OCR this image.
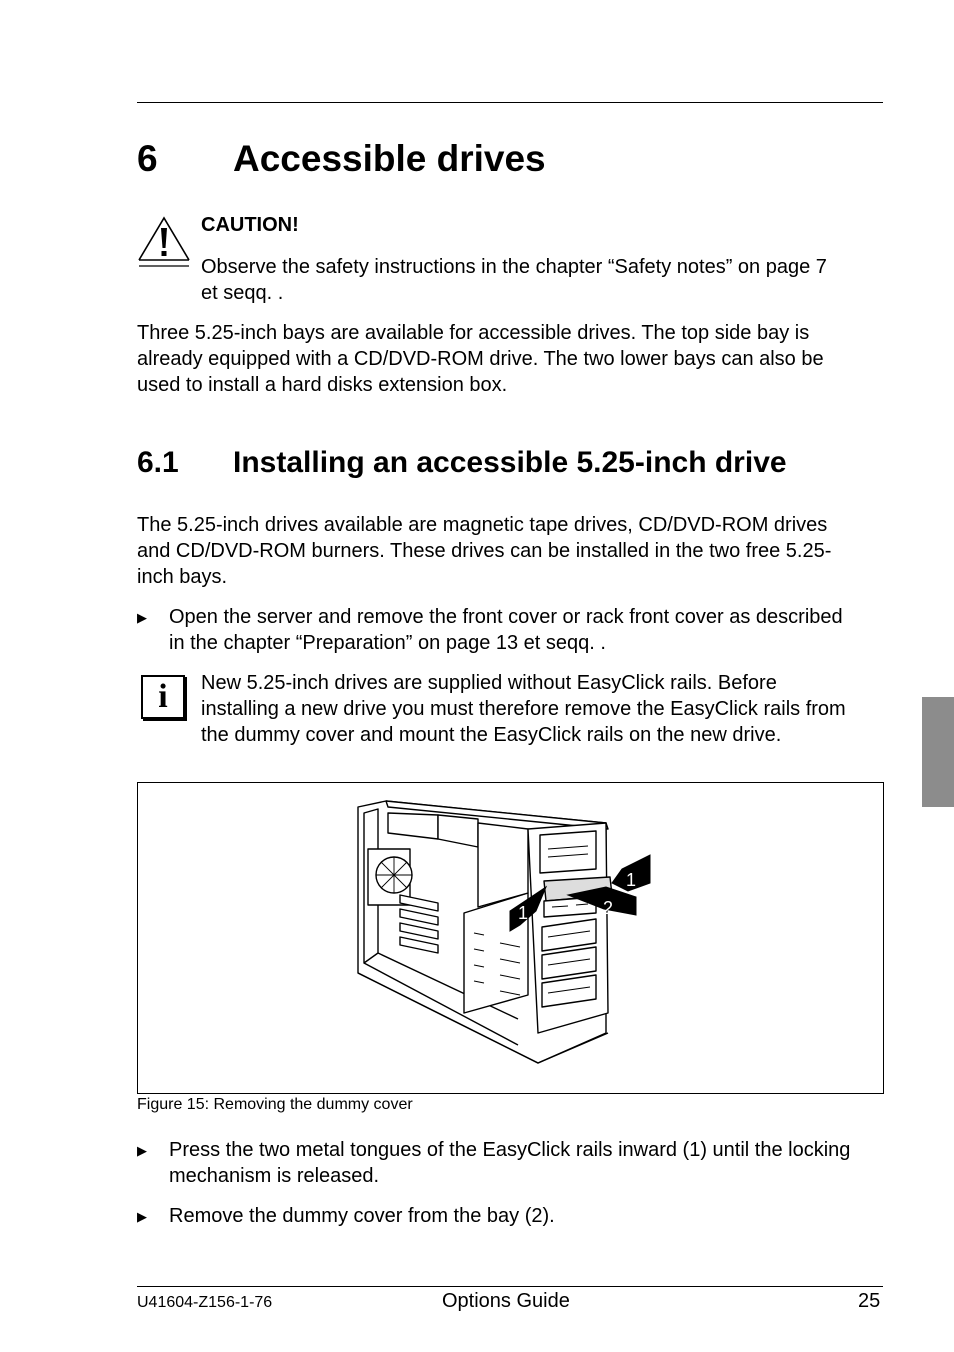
6 Accessible drives
CAUTION!
Observe the safety instructions in the chapter “Safety notes” on page 7
et seqq. .
Three 5.25-inch bays are available for accessible drives. The top side bay is
already equipped with a CD/DVD-ROM drive. The two lower bays can also be
used to install a hard disks extension box.
6.1 Installing an accessible 5.25-inch drive
The 5.25-inch drives available are magnetic tape drives, CD/DVD-ROM drives
and CD/DVD-ROM burners. These drives can be installed in the two free 5.25-
inch bays.
▶ Open the server and remove the front cover or rack front cover as described
in the chapter “Preparation” on page 13 et seqq. .
i	New 5.25-inch drives are supplied without EasyClick rails. Before
installing a new drive you must therefore remove the EasyClick rails from
the dummy cover and mount the EasyClick rails on the new drive.
1
1
2
Figure 15: Removing the dummy cover
▶ Press the two metal tongues of the EasyClick rails inward (1) until the locking
mechanism is released.
▶ Remove the dummy cover from the bay (2).
U41604-Z156-1-76	Options Guide	25
